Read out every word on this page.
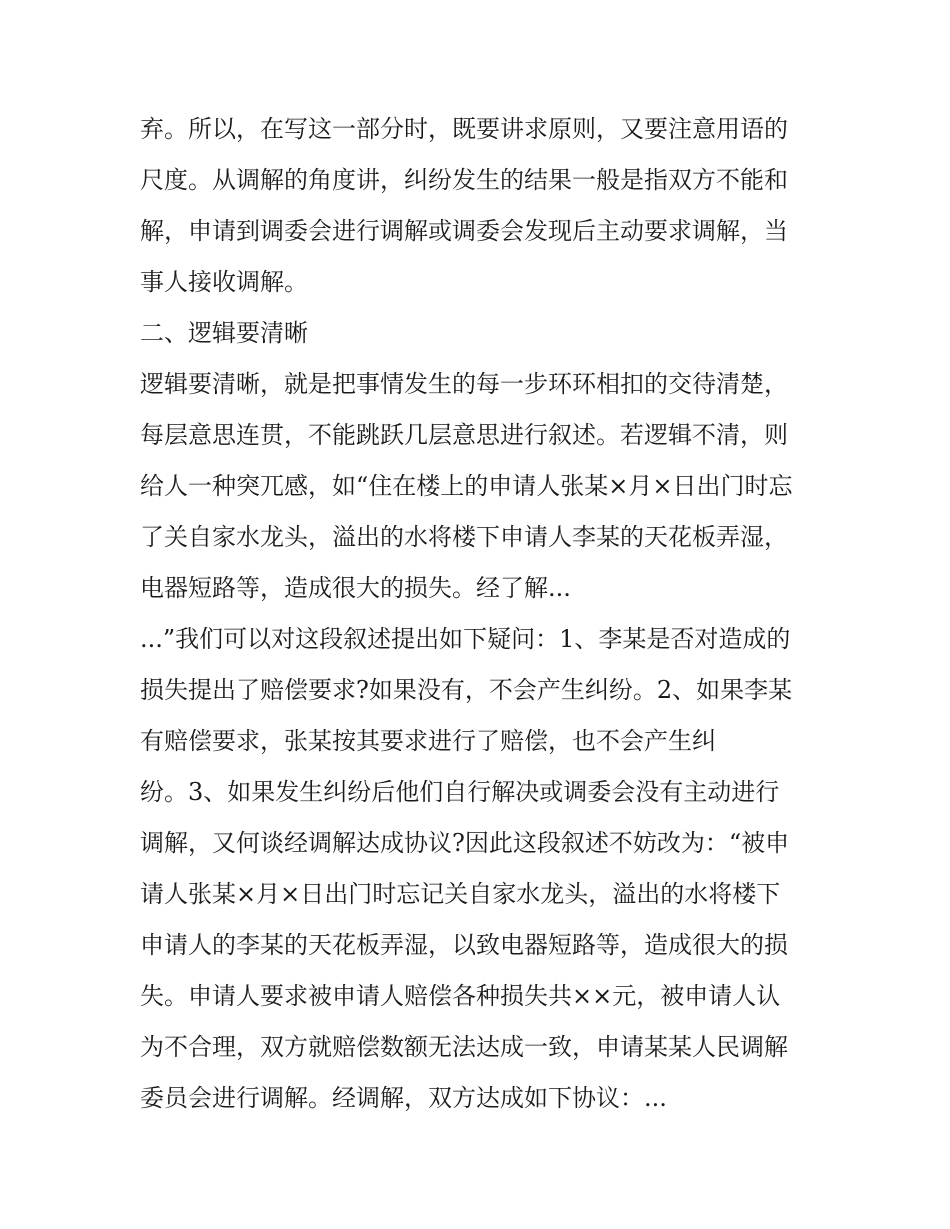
弃。所以，在写这一部分时，既要讲求原则，又要注意用语的
尺度。从调解的角度讲，纠纷发生的结果一般是指双方不能和
解，申请到调委会进行调解或调委会发现后主动要求调解，当
事人接收调解。
二、逻辑要清晰
逻辑要清晰，就是把事情发生的每一步环环相扣的交待清楚，
每层意思连贯，不能跳跃几层意思进行叙述。若逻辑不清，则
给人一种突兀感，如“住在楼上的申请人张某×月×日出门时忘
了关自家水龙头，溢出的水将楼下申请人李某的天花板弄湿，
电器短路等，造成很大的损失。经了解...
...”我们可以对这段叙述提出如下疑问：1、李某是否对造成的
损失提出了赔偿要求?如果没有，不会产生纠纷。2、如果李某
有赔偿要求，张某按其要求进行了赔偿，也不会产生纠
纷。3、如果发生纠纷后他们自行解决或调委会没有主动进行
调解，又何谈经调解达成协议?因此这段叙述不妨改为：“被申
请人张某×月×日出门时忘记关自家水龙头，溢出的水将楼下
申请人的李某的天花板弄湿，以致电器短路等，造成很大的损
失。申请人要求被申请人赔偿各种损失共××元，被申请人认
为不合理，双方就赔偿数额无法达成一致，申请某某人民调解
委员会进行调解。经调解，双方达成如下协议：...
